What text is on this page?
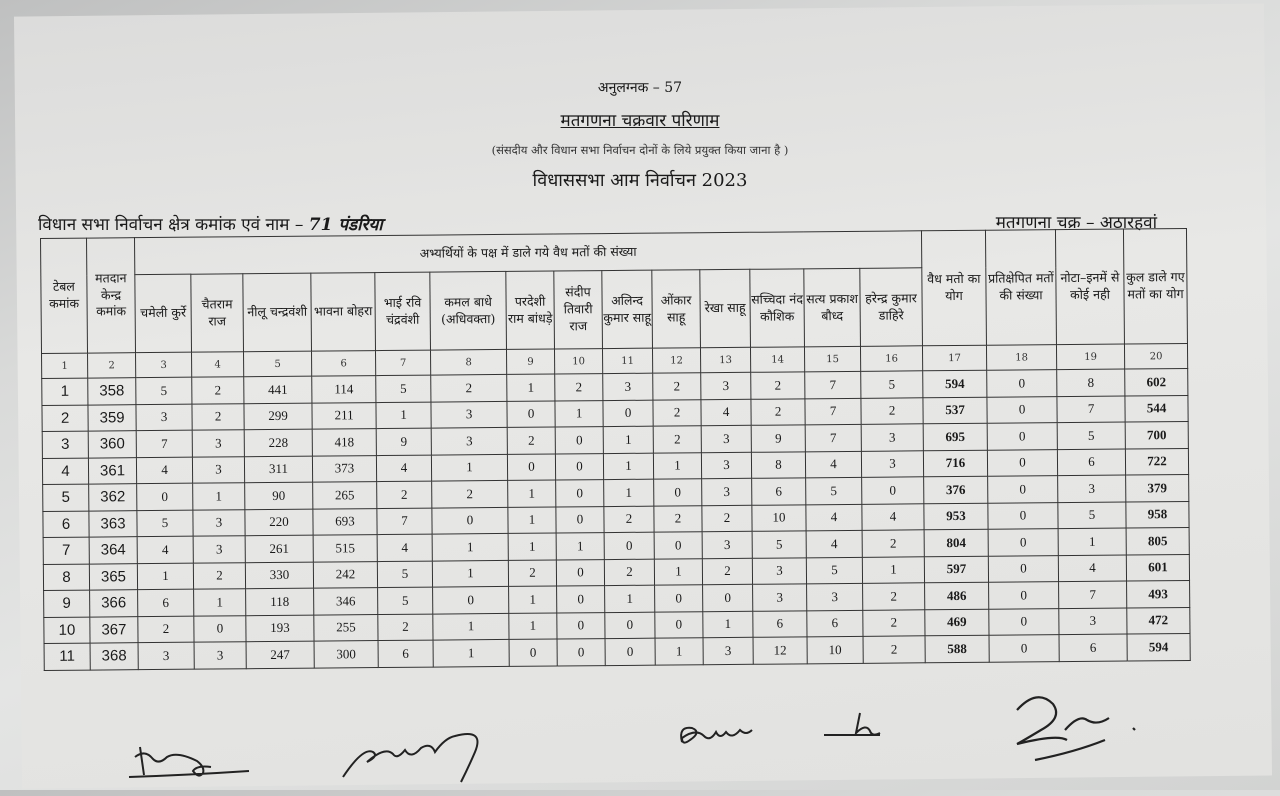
अनुलग्नक – 57
मतगणना चक्रवार परिणाम
(संसदीय और विधान सभा निर्वाचन दोनों के लिये प्रयुक्त किया जाना है )
विधाससभा आम निर्वाचन 2023
विधान सभा निर्वाचन क्षेत्र कमांक एवं नाम – 71 पंडरिया	मतगणना चक्र – अठारहवां
टेबल कमांक	मतदान केन्द्र कमांक	अभ्यर्थियों के पक्ष में डाले गये वैध मतों की संख्या														वैध मतो का योग	प्रतिक्षेपित मतों की संख्या	नोटा–इनमें से कोई नही	कुल डाले गए मतों का योग
		चमेली कुर्रे	चैतराम राज	नीलू चन्द्रवंशी	भावना बोहरा	भाई रवि चंद्रवंशी	कमल बाधे (अधिवक्ता)	परदेशी राम बांधड़े	संदीप तिवारी राज	अलिन्द कुमार साहू	ओंकार साहू	रेखा साहू	सच्चिदा नंद कौशिक	सत्य प्रकाश बौध्द	हरेन्द्र कुमार डाहिरे				
1	2	3	4	5	6	7	8	9	10	11	12	13	14	15	16	17	18	19	20
1	358	5	2	441	114	5	2	1	2	3	2	3	2	7	5	594	0	8	602
2	359	3	2	299	211	1	3	0	1	0	2	4	2	7	2	537	0	7	544
3	360	7	3	228	418	9	3	2	0	1	2	3	9	7	3	695	0	5	700
4	361	4	3	311	373	4	1	0	0	1	1	3	8	4	3	716	0	6	722
5	362	0	1	90	265	2	2	1	0	1	0	3	6	5	0	376	0	3	379
6	363	5	3	220	693	7	0	1	0	2	2	2	10	4	4	953	0	5	958
7	364	4	3	261	515	4	1	1	1	0	0	3	5	4	2	804	0	1	805
8	365	1	2	330	242	5	1	2	0	2	1	2	3	5	1	597	0	4	601
9	366	6	1	118	346	5	0	1	0	1	0	0	3	3	2	486	0	7	493
10	367	2	0	193	255	2	1	1	0	0	0	1	6	6	2	469	0	3	472
11	368	3	3	247	300	6	1	0	0	0	1	3	12	10	2	588	0	6	594
